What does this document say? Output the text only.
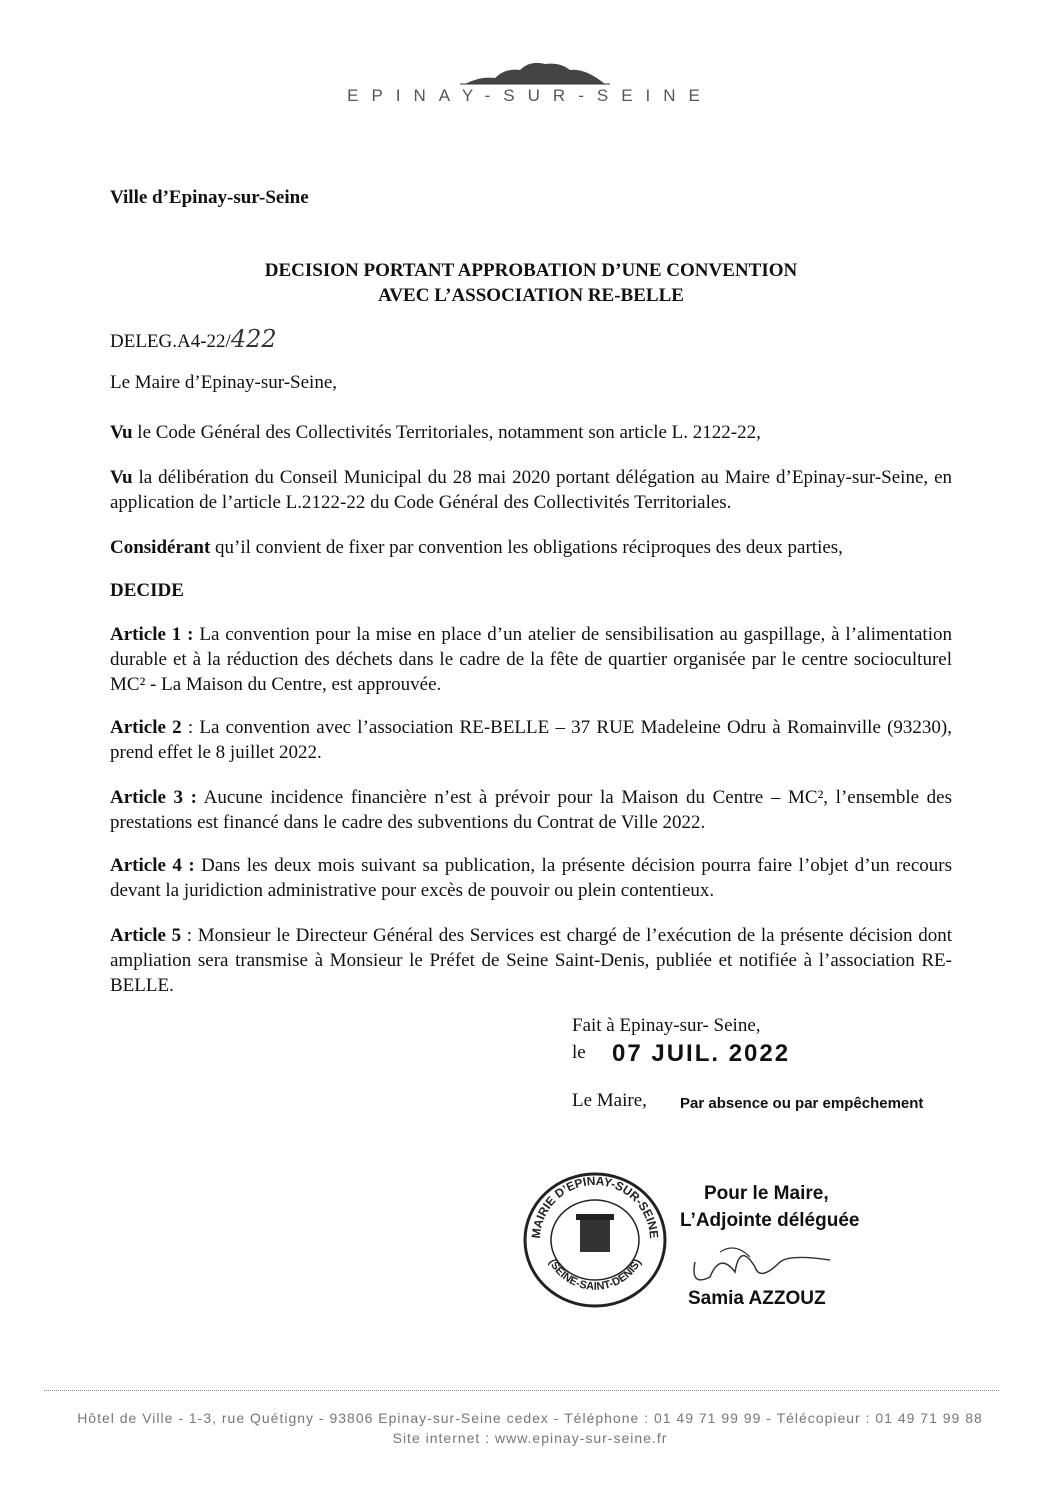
EPINAY-SUR-SEINE
Ville d’Epinay-sur-Seine
DECISION PORTANT APPROBATION D’UNE CONVENTION
AVEC L’ASSOCIATION RE-BELLE
DELEG.A4-22/422
Le Maire d’Epinay-sur-Seine,

Vu le Code Général des Collectivités Territoriales, notamment son article L. 2122-22,

Vu la délibération du Conseil Municipal du 28 mai 2020 portant délégation au Maire d’Epinay-sur-Seine, en application de l’article L.2122-22 du Code Général des Collectivités Territoriales.

Considérant qu’il convient de fixer par convention les obligations réciproques des deux parties,

DECIDE

Article 1 : La convention pour la mise en place d’un atelier de sensibilisation au gaspillage, à l’alimentation durable et à la réduction des déchets dans le cadre de la fête de quartier organisée par le centre socioculturel MC² - La Maison du Centre, est approuvée.

Article 2 : La convention avec l’association RE-BELLE – 37 RUE Madeleine Odru à Romainville (93230), prend effet le 8 juillet 2022.

Article 3 : Aucune incidence financière n’est à prévoir pour la Maison du Centre – MC², l’ensemble des prestations est financé dans le cadre des subventions du Contrat de Ville 2022.

Article 4 : Dans les deux mois suivant sa publication, la présente décision pourra faire l’objet d’un recours devant la juridiction administrative pour excès de pouvoir ou plein contentieux.

Article 5 : Monsieur le Directeur Général des Services est chargé de l’exécution de la présente décision dont ampliation sera transmise à Monsieur le Préfet de Seine Saint-Denis, publiée et notifiée à l’association RE-BELLE.

Fait à Epinay-sur- Seine,
le 07 JUIL. 2022
Le Maire, Par absence ou par empêchement
MAIRIE D’EPINAY-SUR-SEINE
(SEINE-SAINT-DENIS)
Pour le Maire,
L’Adjointe déléguée
Samia AZZOUZ
Hôtel de Ville - 1-3, rue Quétigny - 93806 Epinay-sur-Seine cedex - Téléphone : 01 49 71 99 99 - Télécopieur : 01 49 71 99 88
Site internet : www.epinay-sur-seine.fr
